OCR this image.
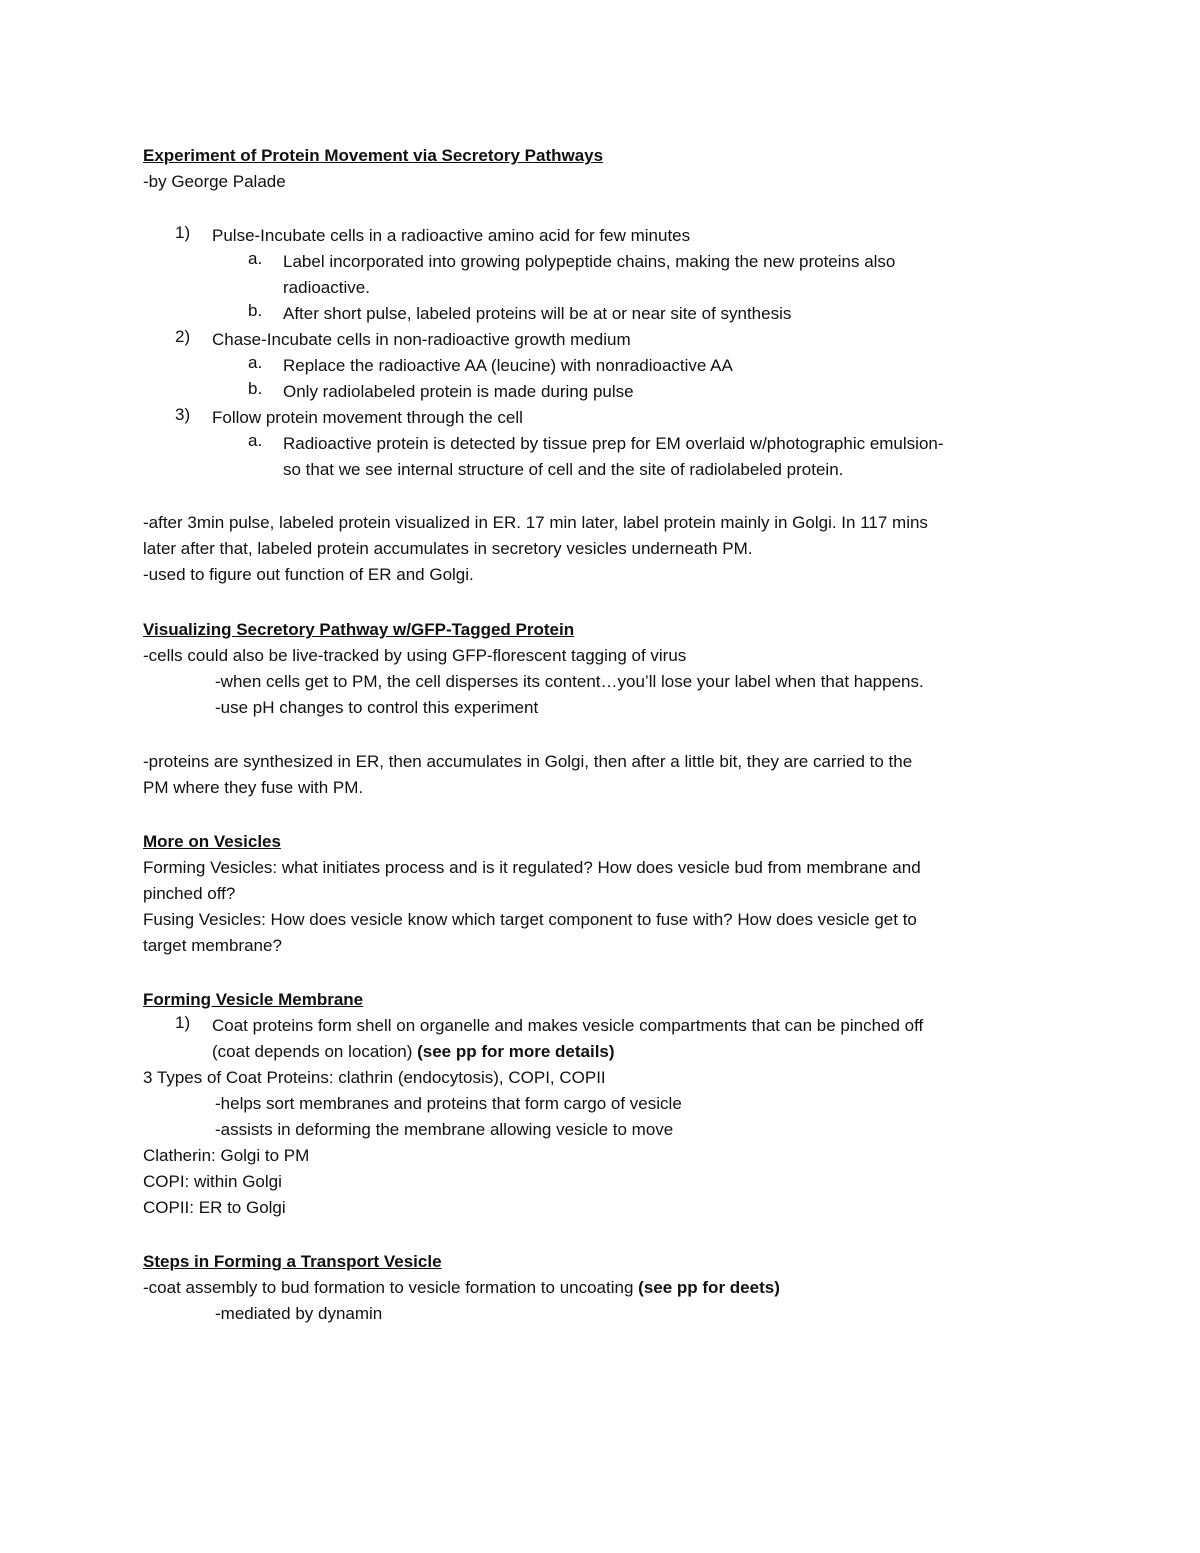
Experiment of Protein Movement via Secretory Pathways
-by George Palade
1) Pulse-Incubate cells in a radioactive amino acid for few minutes
a. Label incorporated into growing polypeptide chains, making the new proteins also
radioactive.
b. After short pulse, labeled proteins will be at or near site of synthesis
2) Chase-Incubate cells in non-radioactive growth medium
a. Replace the radioactive AA (leucine) with nonradioactive AA
b. Only radiolabeled protein is made during pulse
3) Follow protein movement through the cell
a. Radioactive protein is detected by tissue prep for EM overlaid w/photographic emulsion-
so that we see internal structure of cell and the site of radiolabeled protein.
-after 3min pulse, labeled protein visualized in ER. 17 min later, label protein mainly in Golgi. In 117 mins
later after that, labeled protein accumulates in secretory vesicles underneath PM.
-used to figure out function of ER and Golgi.
Visualizing Secretory Pathway w/GFP-Tagged Protein
-cells could also be live-tracked by using GFP-florescent tagging of virus
-when cells get to PM, the cell disperses its content…you’ll lose your label when that happens.
-use pH changes to control this experiment
-proteins are synthesized in ER, then accumulates in Golgi, then after a little bit, they are carried to the
PM where they fuse with PM.
More on Vesicles
Forming Vesicles: what initiates process and is it regulated? How does vesicle bud from membrane and
pinched off?
Fusing Vesicles: How does vesicle know which target component to fuse with? How does vesicle get to
target membrane?
Forming Vesicle Membrane
1) Coat proteins form shell on organelle and makes vesicle compartments that can be pinched off
(coat depends on location) (see pp for more details)
3 Types of Coat Proteins: clathrin (endocytosis), COPI, COPII
-helps sort membranes and proteins that form cargo of vesicle
-assists in deforming the membrane allowing vesicle to move
Clatherin: Golgi to PM
COPI: within Golgi
COPII: ER to Golgi
Steps in Forming a Transport Vesicle
-coat assembly to bud formation to vesicle formation to uncoating (see pp for deets)
-mediated by dynamin
